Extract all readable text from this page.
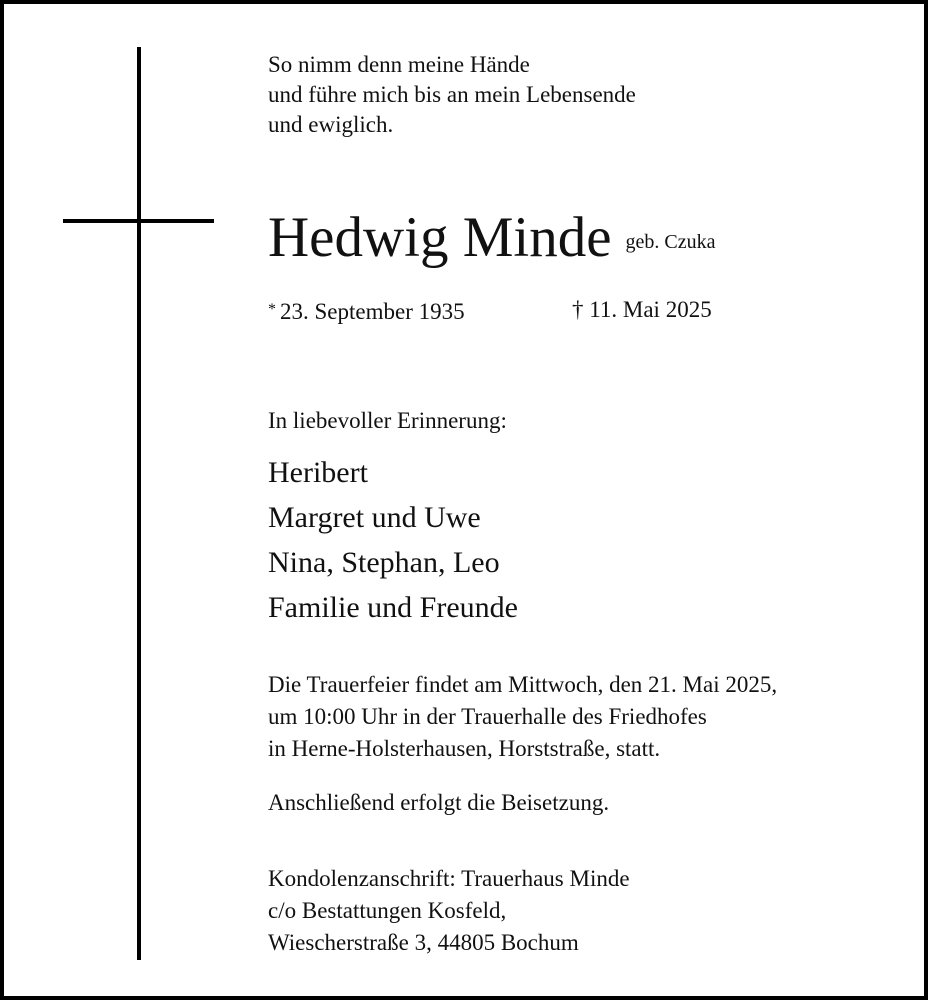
So nimm denn meine Hände
und führe mich bis an mein Lebensende
und ewiglich.
Hedwig Minde geb. Czuka
* 23. September 1935	† 11. Mai 2025
In liebevoller Erinnerung:
Heribert
Margret und Uwe
Nina, Stephan, Leo
Familie und Freunde
Die Trauerfeier findet am Mittwoch, den 21. Mai 2025,
um 10:00 Uhr in der Trauerhalle des Friedhofes
in Herne-Holsterhausen, Horststraße, statt.
Anschließend erfolgt die Beisetzung.
Kondolenzanschrift: Trauerhaus Minde
c/o Bestattungen Kosfeld,
Wiescherstraße 3, 44805 Bochum
